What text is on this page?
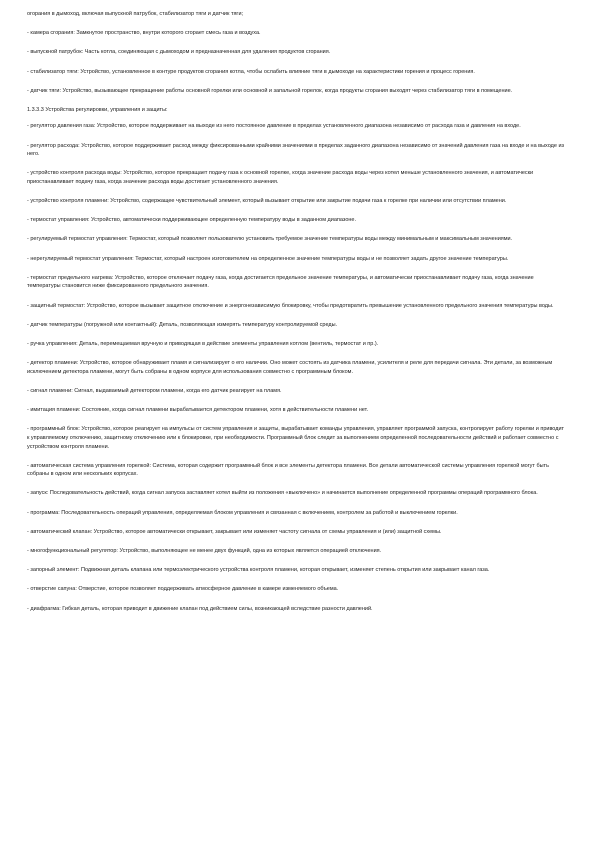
огорания в дымоход, включая выпускной патрубок, стабилизатор тяги и датчик тяги;

- камера сгорания: Замкнутое пространство, внутри которого сгорает смесь газа и воздуха.

- выпускной патрубок: Часть котла, соединяющая с дымоходом и предназначенная для удаления продуктов сгорания.

- стабилизатор тяги: Устройство, установленное в контуре продуктов сгорания котла, чтобы ослабить влияние тяги в дымоходе на характеристики горения и процесс горения.

- датчик тяги: Устройство, вызывающее прекращение работы основной горелки или основной и запальной горелок, когда продукты сгорания выходят через стабилизатор тяги в помещение.

1.3.3.3 Устройства регулировки, управления и защиты:

- регулятор давления газа: Устройство, которое поддерживает на выходе из него постоянное давление в пределах установленного диапазона независимо от расхода газа и давления на входе.

- регулятор расхода: Устройство, которое поддерживает расход между фиксированными крайними значениями в пределах заданного диапазона независимо от значений давления газа на входе и на выходе из него.

- устройство контроля расхода воды: Устройство, которое прекращает подачу газа к основной горелке, когда значение расхода воды через котел меньше установленного значения, и автоматически приостанавливает подачу газа, когда значение расхода воды достигает установленного значения.

- устройство контроля пламени: Устройство, содержащее чувствительный элемент, который вызывает открытие или закрытие подачи газа к горелке при наличии или отсутствии пламени.

- термостат управления: Устройство, автоматически поддерживающее определенную температуру воды в заданном диапазоне.

- регулируемый термостат управления: Термостат, который позволяет пользователю установить требуемое значение температуры воды между минимальным и максимальным значениями.

- нерегулируемый термостат управления: Термостат, который настроен изготовителем на определенное значение температуры воды и не позволяет задать другое значение температуры.

- термостат предельного нагрева: Устройство, которое отключает подачу газа, когда достигается предельное значение температуры, и автоматически приостанавливает подачу газа, когда значение температуры становится ниже фиксированного предельного значения.

- защитный термостат: Устройство, которое вызывает защитное отключение и энергонезависимую блокировку, чтобы предотвратить превышение установленного предельного значения температуры воды.

- датчик температуры (погружной или контактный): Деталь, позволяющая измерять температуру контролируемой среды.

- ручка управления: Деталь, перемещаемая вручную и приводящая в действие элементы управления котлом (вентиль, термостат и пр.).

- детектор пламени: Устройство, которое обнаруживает пламя и сигнализирует о его наличии. Оно может состоять из датчика пламени, усилителя и реле для передачи сигнала. Эти детали, за возможным исключением детектора пламени, могут быть собраны в одном корпусе для использования совместно с программным блоком.

- сигнал пламени: Сигнал, выдаваемый детектором пламени, когда его датчик реагирует на пламя.

- имитация пламени: Состояние, когда сигнал пламени вырабатывается детектором пламени, хотя в действительности пламени нет.

- программный блок: Устройство, которое реагирует на импульсы от систем управления и защиты, вырабатывает команды управления, управляет программой запуска, контролирует работу горелки и приводит к управляемому отключению, защитному отключению или к блокировке, при необходимости. Программный блок следит за выполнением определенной последовательности действий и работает совместно с устройством контроля пламени.

- автоматическая система управления горелкой: Система, которая содержит программный блок и все элементы детектора пламени. Все детали автоматической системы управления горелкой могут быть собраны в одном или нескольких корпусах.

- запуск: Последовательность действий, когда сигнал запуска заставляет котел выйти из положения «выключено» и начинается выполнение определенной программы операций программного блока.

- программа: Последовательность операций управления, определяемая блоком управления и связанная с включением, контролем за работой и выключением горелки.

- автоматический клапан: Устройство, которое автоматически открывает, закрывает или изменяет частоту сигнала от схемы управления и (или) защитной схемы.

- многофункциональный регулятор: Устройство, выполняющее не менее двух функций, одна из которых является операцией отключения.

- запорный элемент: Подвижная деталь клапана или термоэлектрического устройства контроля пламени, которая открывает, изменяет степень открытия или закрывает канал газа.

- отверстие сапуна: Отверстие, которое позволяет поддерживать атмосферное давление в камере изменяемого объема.

- диафрагма: Гибкая деталь, которая приводит в движение клапан под действием силы, возникающей вследствие разности давлений.
